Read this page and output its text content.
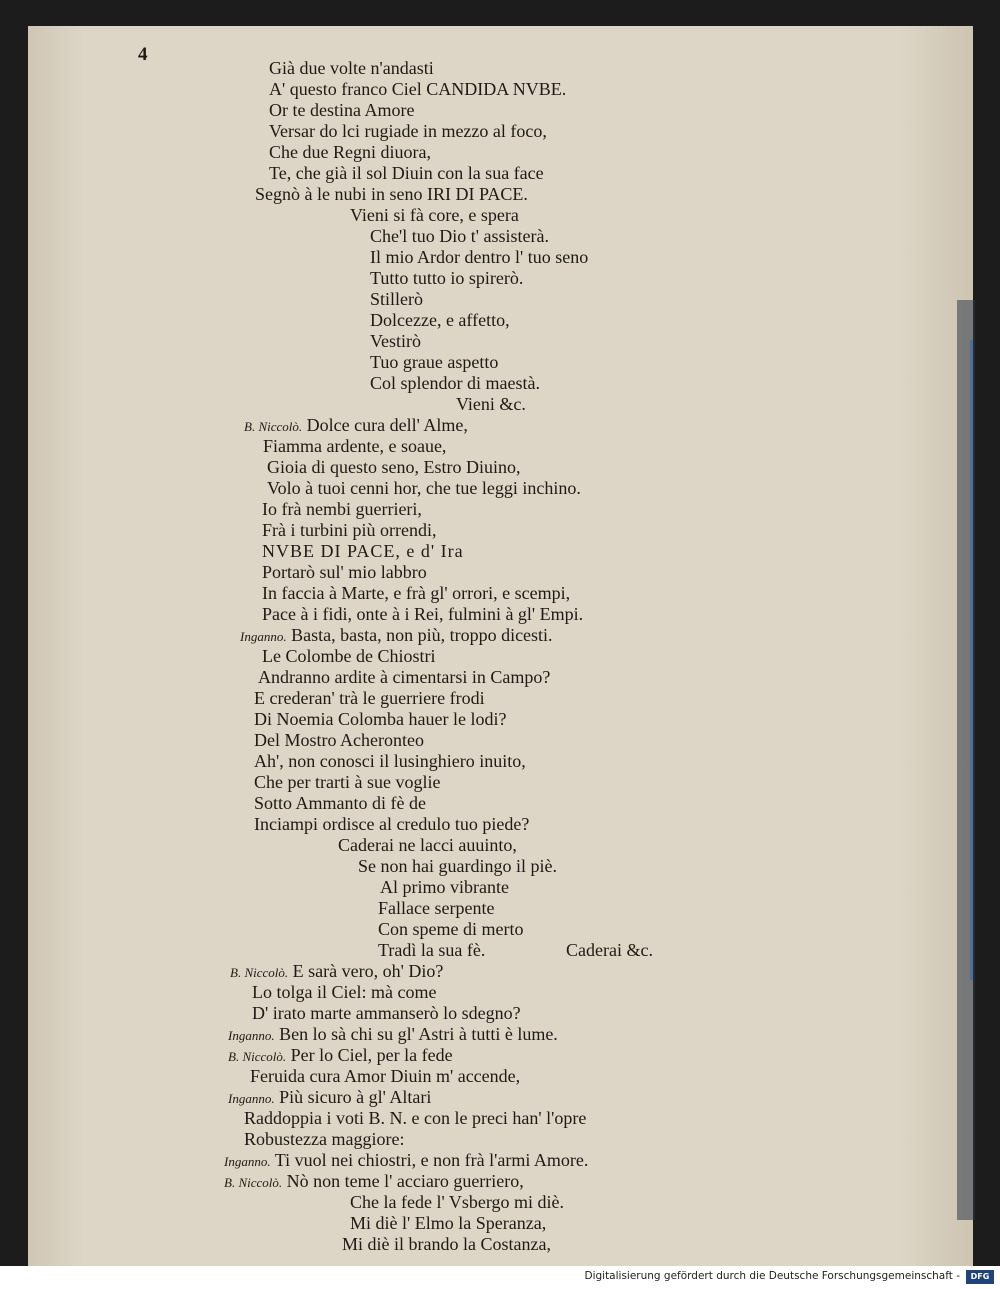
4
Già due volte n'andasti
A' questo franco Ciel CANDIDA NVBE.
Or te destina Amore
Versar do lci rugiade in mezzo al foco,
Che due Regni diuora,
Te, che già il sol Diuin con la sua face
Segnò à le nubi in seno IRI DI PACE.
Vieni si fà core, e spera
Che'l tuo Dio t' assisterà.
Il mio Ardor dentro l' tuo seno
Tutto tutto io spirerò.
Stillerò
Dolcezze, e affetto,
Vestirò
Tuo graue aspetto
Col splendor di maestà.
Vieni &c.
B. Niccolò. Dolce cura dell' Alme,
Fiamma ardente, e soaue,
Gioia di questo seno, Estro Diuino,
Volo à tuoi cenni hor, che tue leggi inchino.
Io frà nembi guerrieri,
Frà i turbini più orrendi,
NVBE DI PACE, e d' Ira
Portarò sul' mio labbro
In faccia à Marte, e frà gl' orrori, e scempi,
Pace à i fidi, onte à i Rei, fulmini à gl' Empi.
Inganno. Basta, basta, non più, troppo dicesti.
Le Colombe de Chiostri
Andranno ardite à cimentarsi in Campo?
E crederan' trà le guerriere frodi
Di Noemia Colomba hauer le lodi?
Del Mostro Acheronteo
Ah', non conosci il lusinghiero inuito,
Che per trarti à sue voglie
Sotto Ammanto di fè de
Inciampi ordisce al credulo tuo piede?
Caderai ne lacci auuinto,
Se non hai guardingo il piè.
Al primo vibrante
Fallace serpente
Con speme di merto
Tradì la sua fè.	Caderai &c.
B. Niccolò. E sarà vero, oh' Dio?
Lo tolga il Ciel: mà come
D' irato marte ammanserò lo sdegno?
Inganno. Ben lo sà chi su gl' Astri à tutti è lume.
B. Niccolò. Per lo Ciel, per la fede
Feruida cura Amor Diuin m' accende,
Inganno. Più sicuro à gl' Altari
Raddoppia i voti B. N. e con le preci han' l'opre
Robustezza maggiore:
Inganno. Ti vuol nei chiostri, e non frà l'armi Amore.
B. Niccolò. Nò non teme l' acciaro guerriero,
Che la fede l' Vsbergo mi diè.
Mi diè l' Elmo la Speranza,
Mi diè il brando la Costanza,
Digitalisierung gefördert durch die Deutsche Forschungsgemeinschaft -	DFG
